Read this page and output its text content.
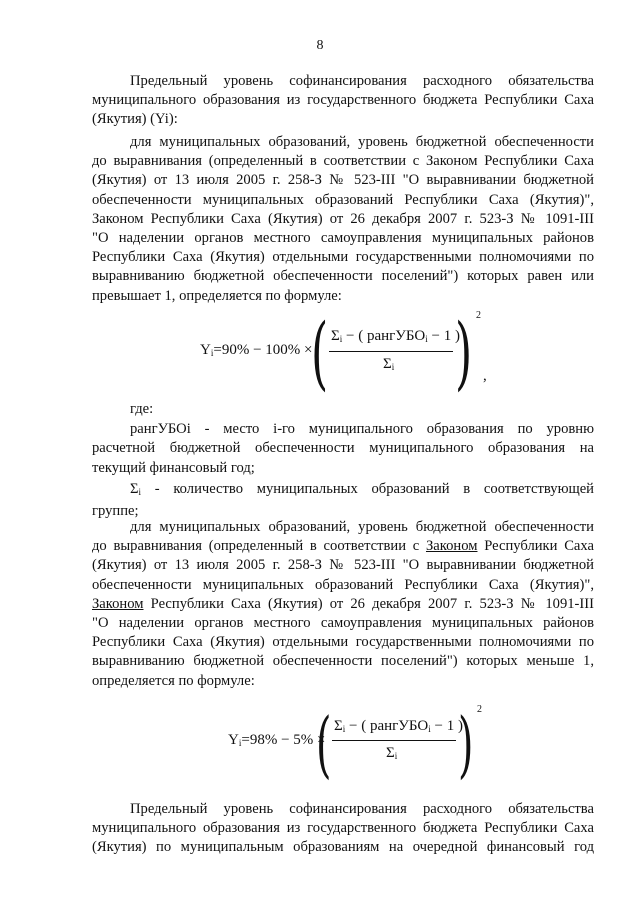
8
Предельный уровень софинансирования расходного обязательства
муниципального образования из государственного бюджета Республики Саха
(Якутия) (Yi):
для муниципальных образований, уровень бюджетной обеспеченности
до выравнивания (определенный в соответствии с Законом Республики Саха
(Якутия) от 13 июля 2005 г. 258-З № 523-III "О выравнивании бюджетной
обеспеченности муниципальных образований Республики Саха (Якутия)",
Законом Республики Саха (Якутия) от 26 декабря 2007 г. 523-З № 1091-III
"О наделении органов местного самоуправления муниципальных районов
Республики Саха (Якутия) отдельными государственными полномочиями по
выравниванию бюджетной обеспеченности поселений") которых равен или
превышает 1, определяется по формуле:
$Y_i=90\% - 100\%$ ×
( $\Sigma_i$ − ( рангУБО$_i$ − 1 )
$\Sigma_i$ ) 2
,
где:
рангУБОi - место i-го муниципального образования по уровню
расчетной бюджетной обеспеченности муниципального образования на
текущий финансовый год;
$\Sigma_i$ - количество муниципальных образований в соответствующей
группе;
для муниципальных образований, уровень бюджетной обеспеченности
до выравнивания (определенный в соответствии с Законом Республики Саха
(Якутия) от 13 июля 2005 г. 258-З № 523-III "О выравнивании бюджетной
обеспеченности муниципальных образований Республики Саха (Якутия)",
Законом Республики Саха (Якутия) от 26 декабря 2007 г. 523-З № 1091-III
"О наделении органов местного самоуправления муниципальных районов
Республики Саха (Якутия) отдельными государственными полномочиями по
выравниванию бюджетной обеспеченности поселений") которых меньше 1,
определяется по формуле:
$Y_i=98\% - 5\%$ ×
( $\Sigma_i$ − ( рангУБО$_i$ − 1 )
$\Sigma_i$ ) 2
Предельный уровень софинансирования расходного обязательства
муниципального образования из государственного бюджета Республики Саха
(Якутия) по муниципальным образованиям на очередной финансовый год
